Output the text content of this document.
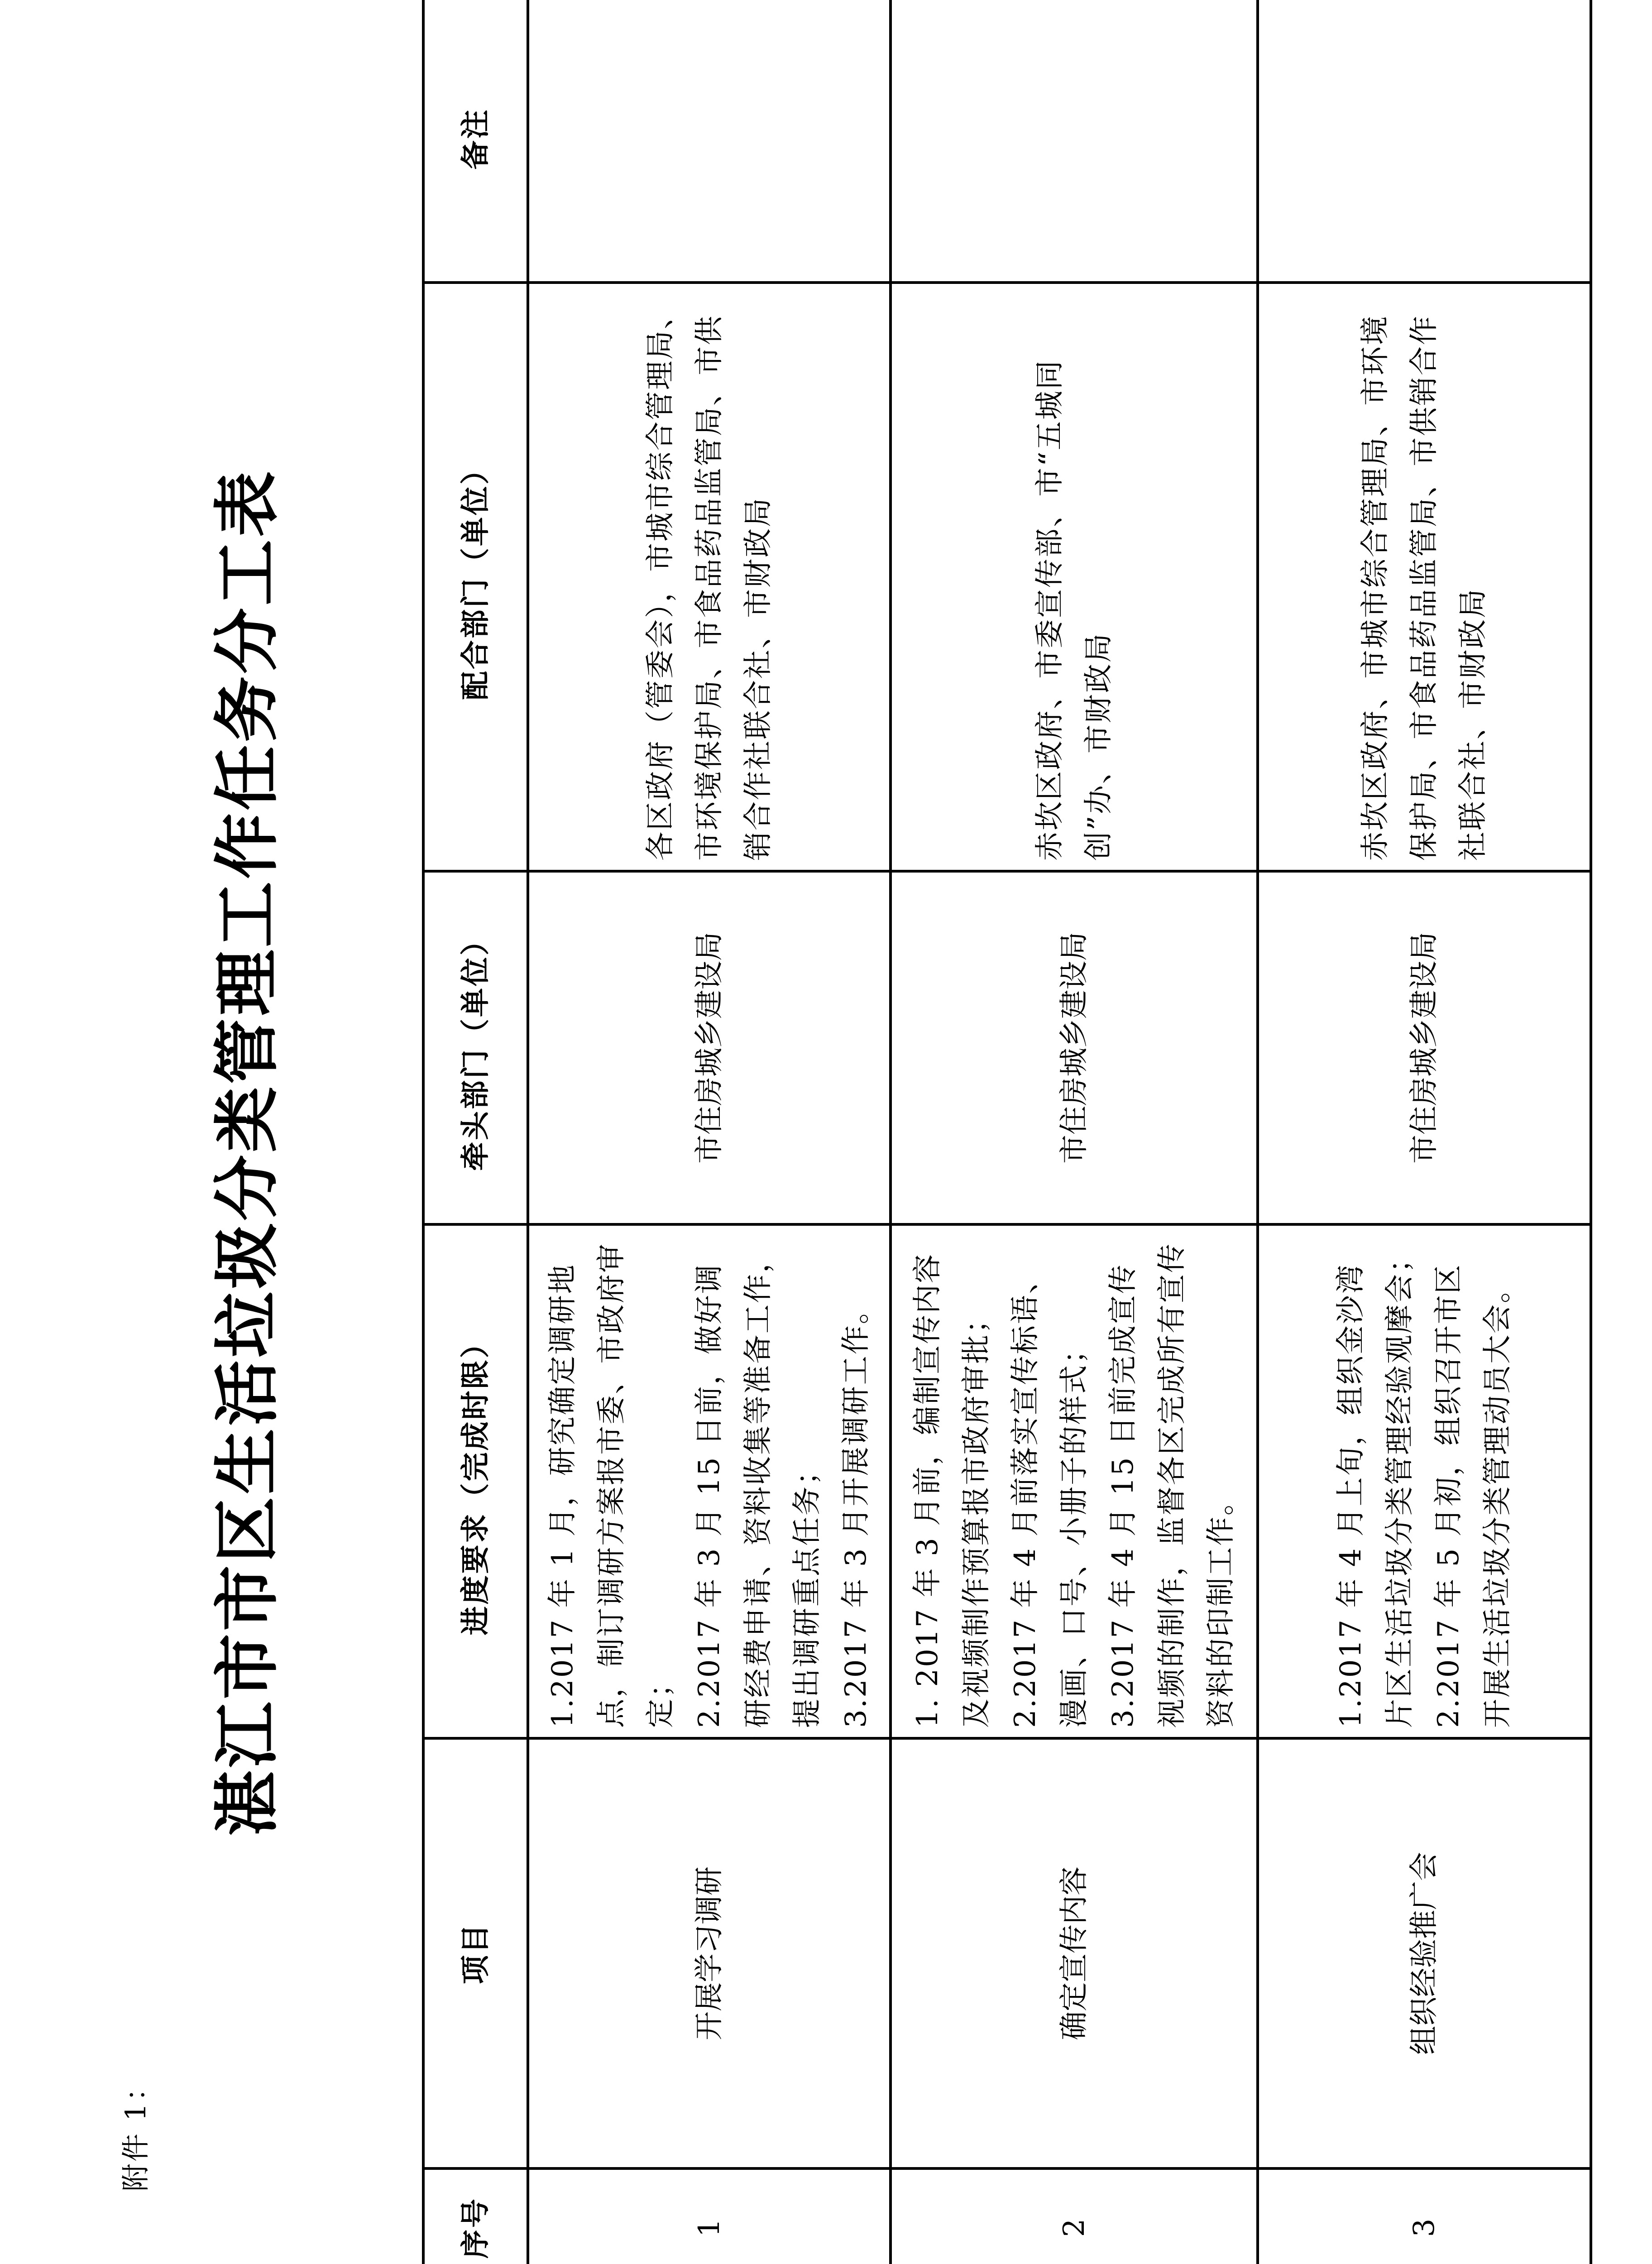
附件 1：
湛江市市区生活垃圾分类管理工作任务分工表
序号	项目	进度要求（完成时限）	牵头部门（单位）	配合部门（单位）	备注
1	开展学习调研	1.2017 年 1 月，研究确定调研地点，制订调研方案报市委、市政府审定； 2.2017 年 3 月 15 日前，做好调研经费申请、资料收集等准备工作，提出调研重点任务； 3.2017 年 3 月开展调研工作。	市住房城乡建设局	各区政府（管委会），市城市综合管理局、市环境保护局、市食品药品监管局、市供销合作社联合社、市财政局	
2	确定宣传内容	1. 2017 年 3 月前，编制宣传内容及视频制作预算报市政府审批； 2.2017 年 4 月前落实宣传标语、漫画、口号、小册子的样式； 3.2017 年 4 月 15 日前完成宣传视频的制作，监督各区完成所有宣传资料的印制工作。	市住房城乡建设局	赤坎区政府、市委宣传部、市“五城同创”办、市财政局	
3	组织经验推广会	1.2017 年 4 月上旬，组织金沙湾片区生活垃圾分类管理经验观摩会； 2.2017 年 5 月初，组织召开市区开展生活垃圾分类管理动员大会。	市住房城乡建设局	赤坎区政府、市城市综合管理局、市环境保护局、市食品药品监管局、市供销合作社联合社、市财政局	
